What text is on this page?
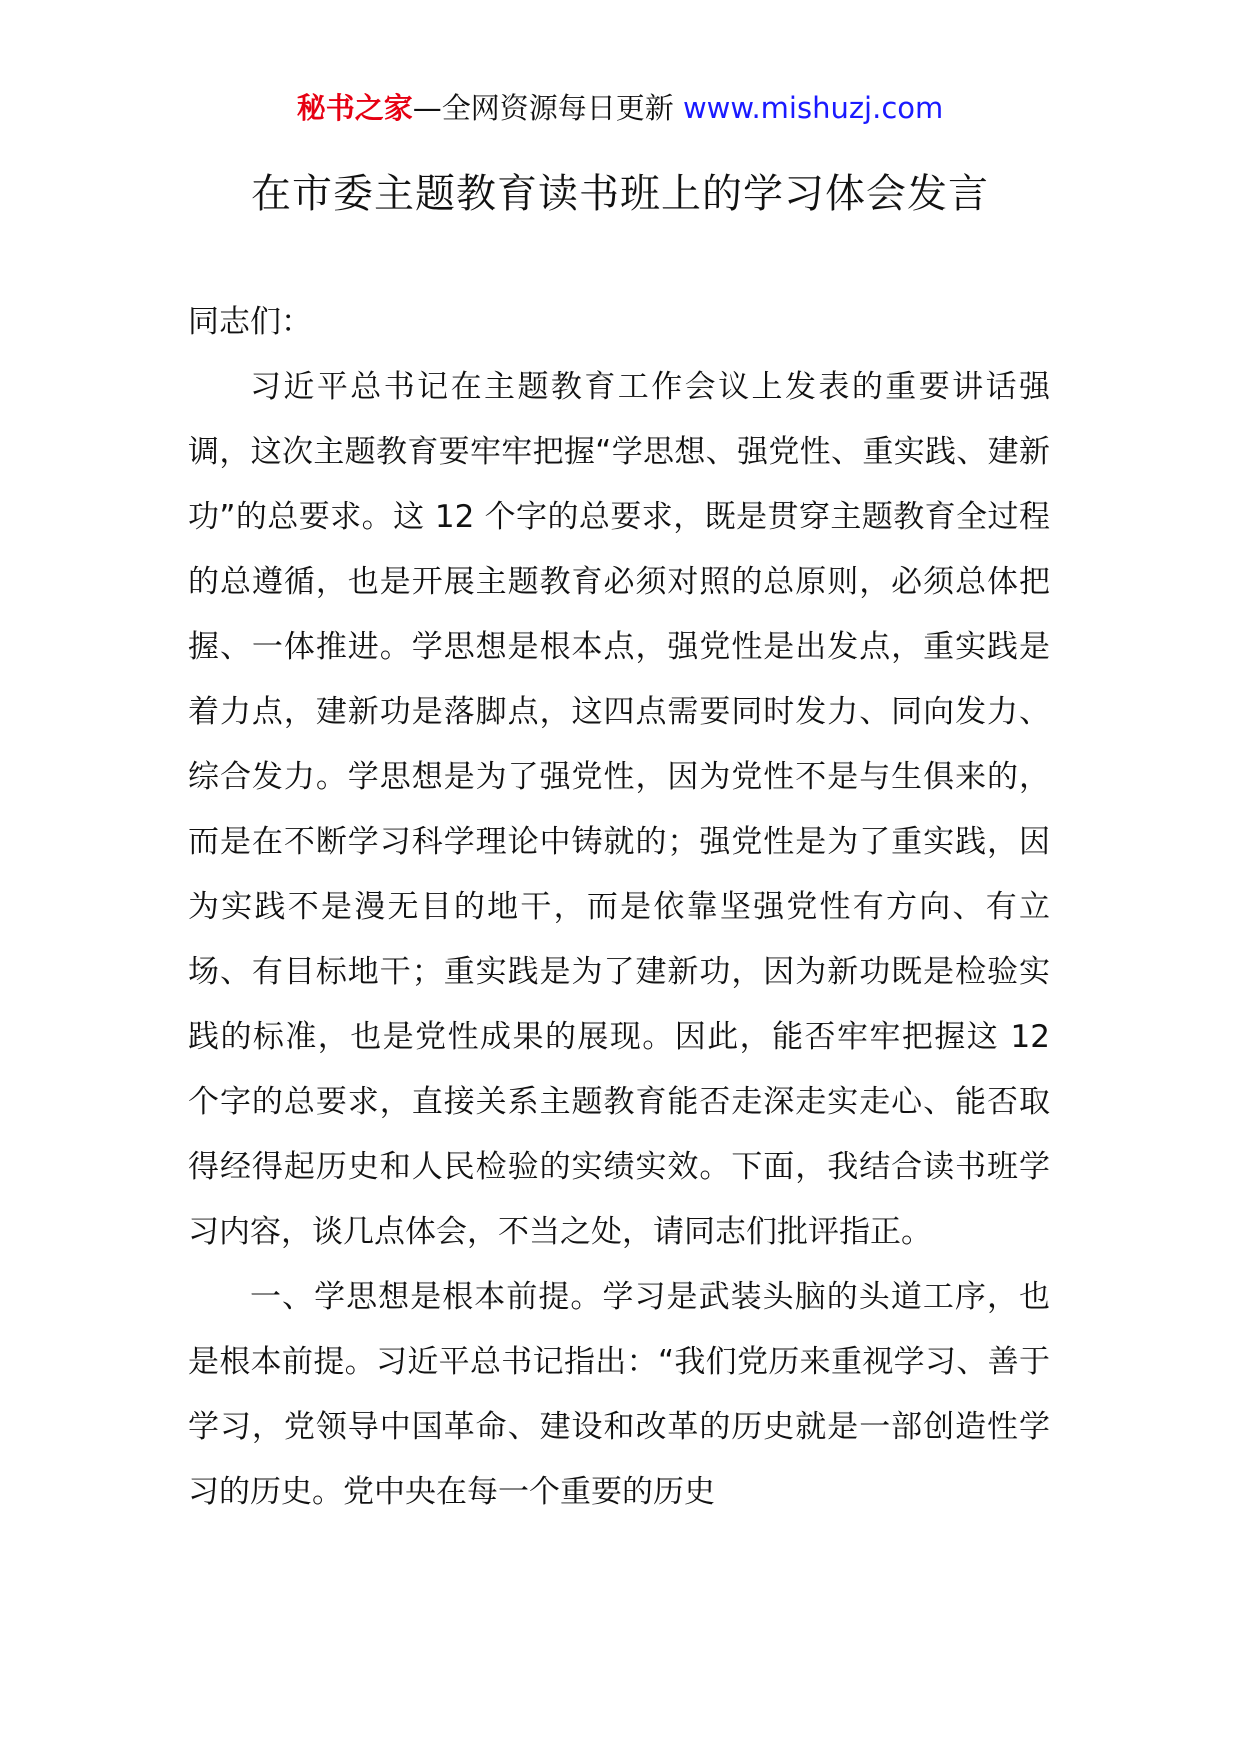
秘书之家—全网资源每日更新 www.mishuzj.com
在市委主题教育读书班上的学习体会发言

同志们：

习近平总书记在主题教育工作会议上发表的重要讲话强调，这次主题教育要牢牢把握“学思想、强党性、重实践、建新功”的总要求。这 12 个字的总要求，既是贯穿主题教育全过程的总遵循，也是开展主题教育必须对照的总原则，必须总体把握、一体推进。学思想是根本点，强党性是出发点，重实践是着力点，建新功是落脚点，这四点需要同时发力、同向发力、综合发力。学思想是为了强党性，因为党性不是与生俱来的，而是在不断学习科学理论中铸就的；强党性是为了重实践，因为实践不是漫无目的地干，而是依靠坚强党性有方向、有立场、有目标地干；重实践是为了建新功，因为新功既是检验实践的标准，也是党性成果的展现。因此，能否牢牢把握这 12 个字的总要求，直接关系主题教育能否走深走实走心、能否取得经得起历史和人民检验的实绩实效。下面，我结合读书班学习内容，谈几点体会，不当之处，请同志们批评指正。

一、学思想是根本前提。学习是武装头脑的头道工序，也是根本前提。习近平总书记指出：“我们党历来重视学习、善于学习，党领导中国革命、建设和改革的历史就是一部创造性学习的历史。党中央在每一个重要的历史
